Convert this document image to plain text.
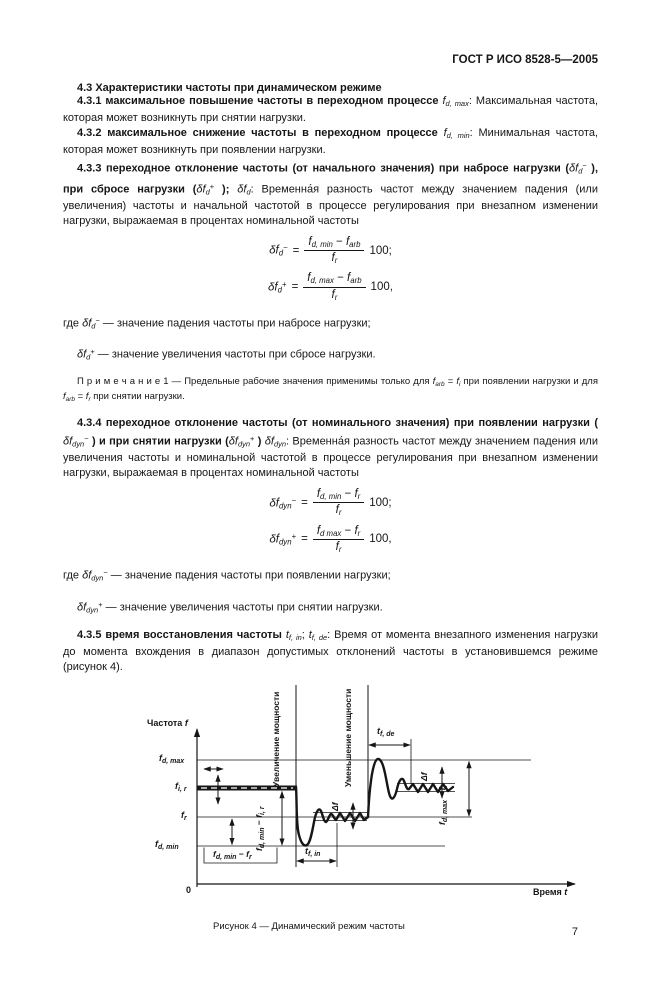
ГОСТ Р ИСО 8528-5—2005
4.3 Характеристики частоты при динамическом режиме

4.3.1 максимальное повышение частоты в переходном процессе $f_{d, max}$: Максимальная частота, которая может возникнуть при снятии нагрузки.

4.3.2 максимальное снижение частоты в переходном процессе $f_{d, min}$: Минимальная частота, которая может возникнуть при появлении нагрузки.

4.3.3 переходное отклонение частоты (от начального значения) при набросе нагрузки ($\delta f_d^-$ ), при сбросе нагрузки ($\delta f_d^+$ ); $\delta f_d$: Временна́я разность частот между значением падения (или увеличения) частоты и начальной частотой в процессе регулирования при внезапном изменении нагрузки, выражаемая в процентах номинальной частоты

$\delta f_d^- = \frac{f_{d, min} - f_{arb}}{f_r} 100$;
$\delta f_d^+ = \frac{f_{d, max} - f_{arb}}{f_r} 100$,

где $\delta f_d^-$ — значение падения частоты при набросе нагрузки;

$\delta f_d^+$ — значение увеличения частоты при сбросе нагрузки.

П р и м е ч а н и е 1 — Предельные рабочие значения применимы только для $f_{arb} = f_i$ при появлении нагрузки и для $f_{arb} = f_r$ при снятии нагрузки.

4.3.4 переходное отклонение частоты (от номинального значения) при появлении нагрузки ( $\delta f_{dyn}^-$ ) и при снятии нагрузки ($\delta f_{dyn}^+$ ) $\delta f_{dyn}$: Временна́я разность частот между значением падения или увеличения частоты и номинальной частотой в процессе регулирования при внезапном изменении нагрузки, выражаемая в процентах номинальной частоты

$\delta f_{dyn}^- = \frac{f_{d, min} - f_r}{f_r} 100$;
$\delta f_{dyn}^+ = \frac{f_{d max} - f_r}{f_r} 100$,

где $\delta f_{dyn}^-$ — значение падения частоты при появлении нагрузки;

$\delta f_{dyn}^+$ — значение увеличения частоты при снятии нагрузки.

4.3.5 время восстановления частоты $t_{f, in}$; $t_{f, de}$: Время от момента внезапного изменения нагрузки до момента вхождения в диапазон допустимых отклонений частоты в установившемся режиме (рисунок 4).

Частота f
Время t
$f_{d, max}$
$f_{i, r}$
$f_r$
$f_{d, min}$
0
Увеличение мощности	Уменьшение мощности	$t_{f, de}$
$t_{f, in}$
Δf
Δf
$f_{d, min} - f_{i, r}$
$f_{d, max} - f_r$
$f_{d, min} - f_r$
Рисунок 4 — Динамический режим частоты	7
